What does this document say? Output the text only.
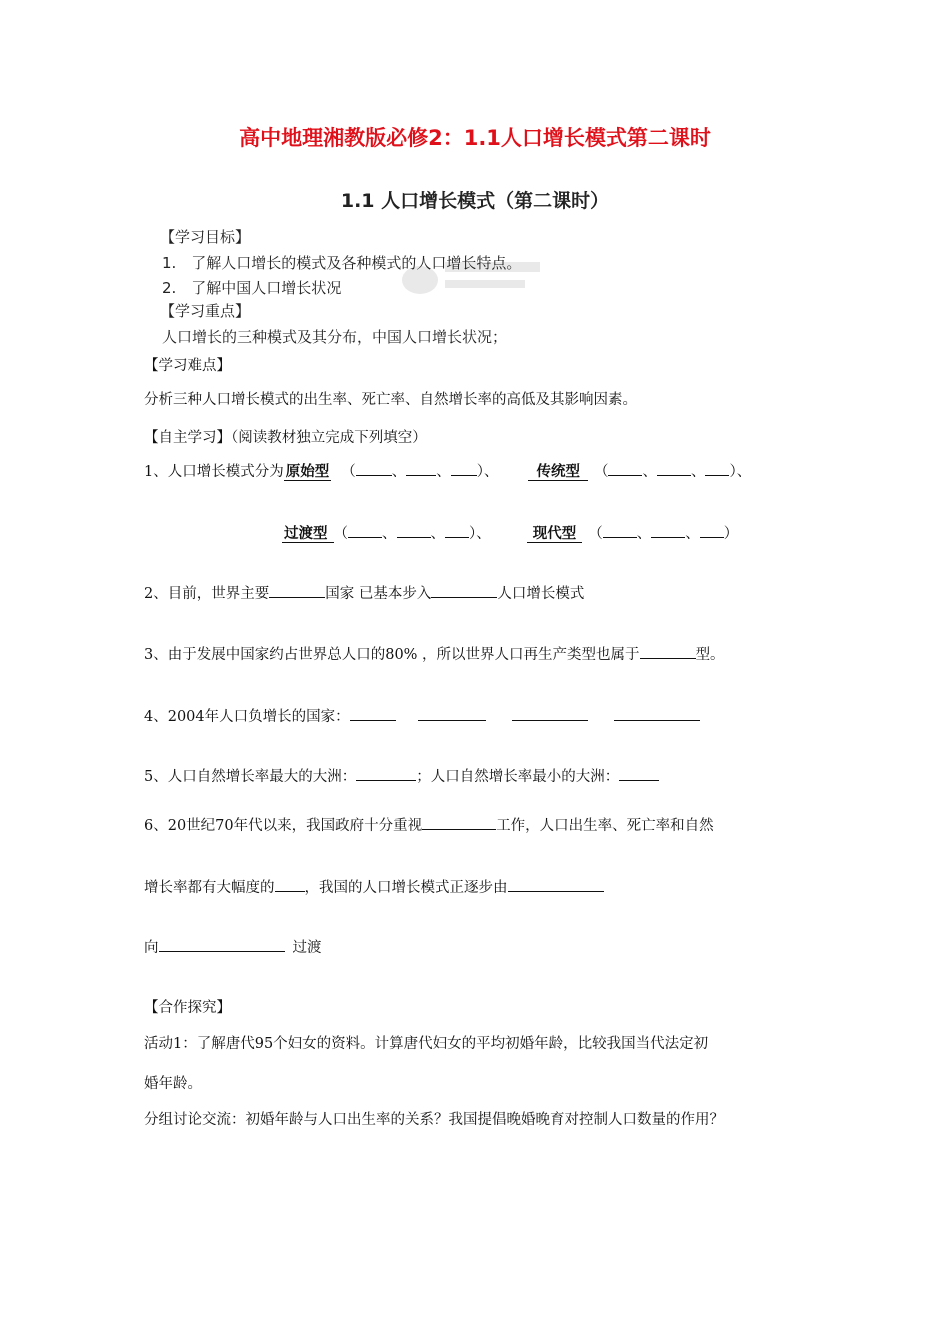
高中地理湘教版必修2：1.1人口增长模式第二课时
1.1 人口增长模式（第二课时）
【学习目标】
1.　了解人口增长的模式及各种模式的人口增长特点。
2.　了解中国人口增长状况
【学习重点】
人口增长的三种模式及其分布，中国人口增长状况；
【学习难点】
分析三种人口增长模式的出生率、死亡率、自然增长率的高低及其影响因素。
【自主学习】（阅读教材独立完成下列填空）
1、人口增长模式分为 原始型 （ 、 、 ）、	传统型 （ 、 、 ）、
过渡型 （ 、 、 ）、	现代型 （ 、 、 ）
2、目前，世界主要	国家 已基本步入	人口增长模式
3、由于发展中国家约占世界总人口的80% ，所以世界人口再生产类型也属于	型。
4、2004年人口负增长的国家：
5、人口自然增长率最大的大洲：	；人口自然增长率最小的大洲：
6、20世纪70年代以来，我国政府十分重视	工作，人口出生率、死亡率和自然
增长率都有大幅度的 ，我国的人口增长模式正逐步由
向	过渡
【合作探究】
活动1：了解唐代95个妇女的资料。计算唐代妇女的平均初婚年龄，比较我国当代法定初
婚年龄。
分组讨论交流：初婚年龄与人口出生率的关系？我国提倡晚婚晚育对控制人口数量的作用？
